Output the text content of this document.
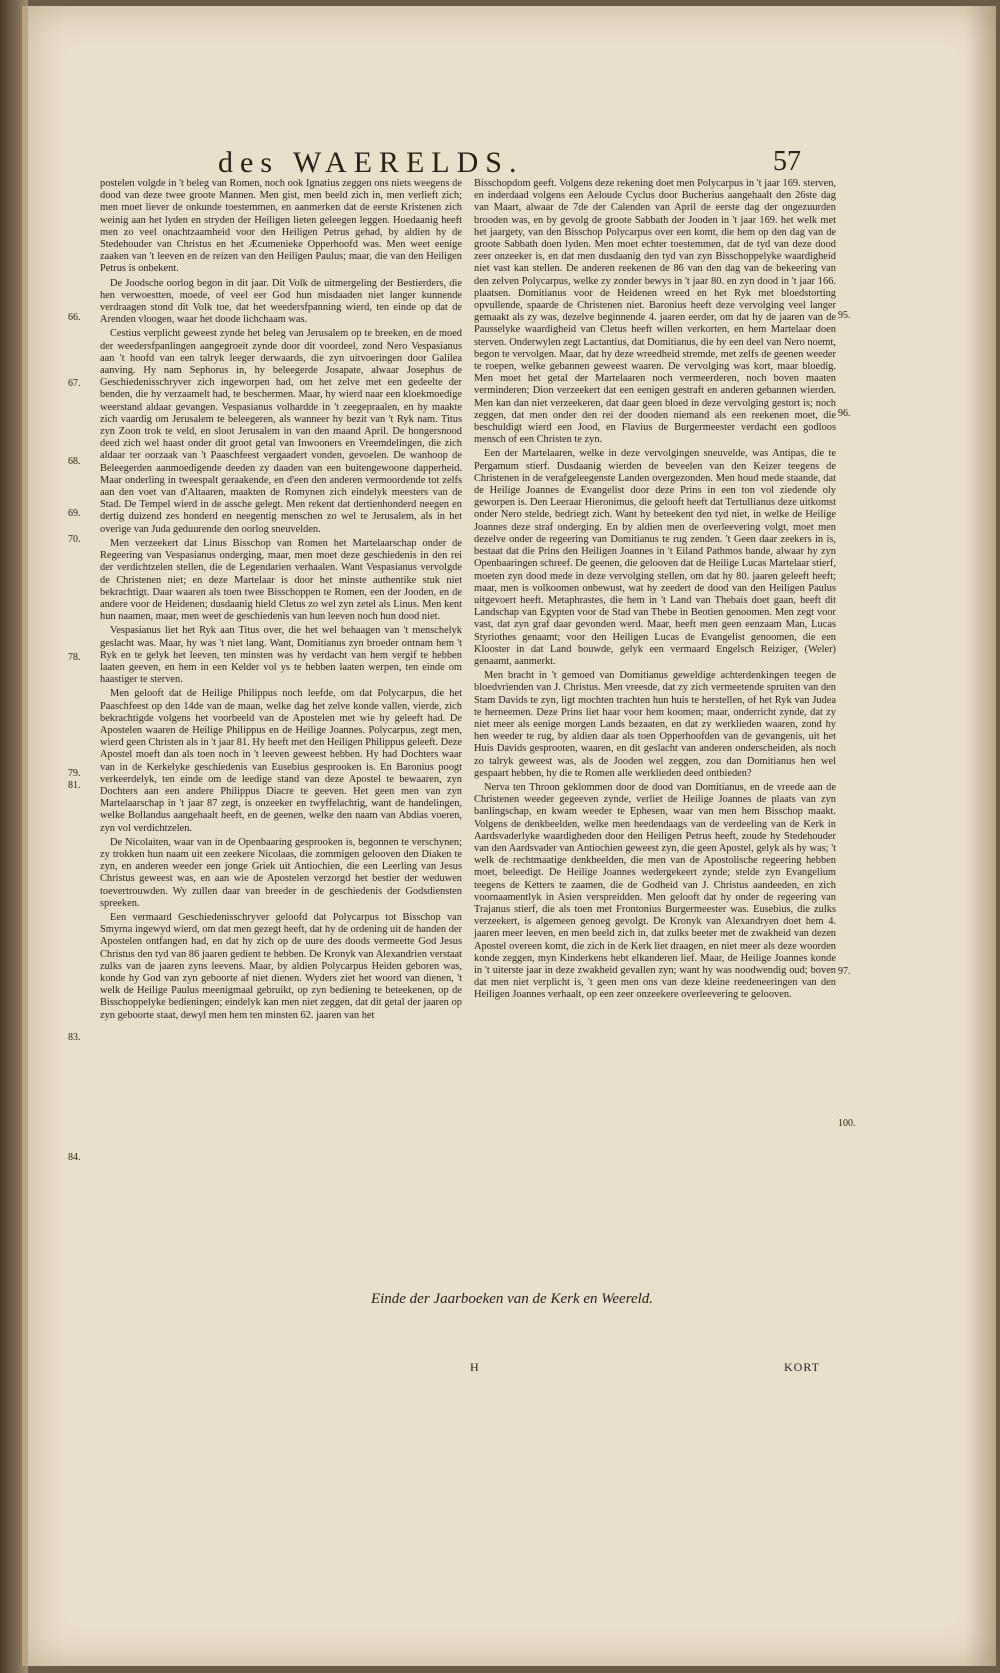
des WAERELDS.	57
66.
67.
68.
69.
70.
78.
79.
81.
83.
84.
95.
96.
97.
100.

postelen volgde in 't beleg van Romen, noch ook Ignatius zeggen ons niets weegens de dood van deze twee groote Mannen. Men gist, men beeld zich in, men verlieft zich; men moet liever de onkunde toestemmen, en aanmerken dat de eerste Kristenen zich weinig aan het lyden en stryden der Heiligen lieten geleegen leggen. Hoedaanig heeft men zo veel onachtzaamheid voor den Heiligen Petrus gehad, by aldien hy de Stedehouder van Christus en het Æcumenieke Opperhoofd was. Men weet eenige zaaken van 't leeven en de reizen van den Heiligen Paulus; maar, die van den Heiligen Petrus is onbekent.

De Joodsche oorlog begon in dit jaar. Dit Volk de uitmergeling der Bestierders, die hen verwoestten, moede, of veel eer God hun misdaaden niet langer kunnende verdraagen stond dit Volk toe, dat het weedersfpanning wierd, ten einde op dat de Arenden vloogen, waar het doode lichchaam was.

Cestius verplicht geweest zynde het beleg van Jerusalem op te breeken, en de moed der weedersfpanlingen aangegroeit zynde door dit voordeel, zond Nero Vespasianus aan 't hoofd van een talryk leeger derwaards, die zyn uitvoeringen door Galilea aanving. Hy nam Sephorus in, hy beleegerde Josapate, alwaar Josephus de Geschiedenisschryver zich ingeworpen had, om het zelve met een gedeelte der benden, die hy verzaamelt had, te beschermen. Maar, hy wierd naar een kloekmoedige weerstand aldaar gevangen. Vespasianus volhardde in 't zeegepraalen, en hy maakte zich vaardig om Jerusalem te beleegeren, als wanneer hy bezit van 't Ryk nam. Titus zyn Zoon trok te veld, en sloot Jerusalem in van den maand April. De hongersnood deed zich wel haast onder dit groot getal van Inwooners en Vreemdelingen, die zich aldaar ter oorzaak van 't Paaschfeest vergaadert vonden, gevoelen. De wanhoop de Beleegerden aanmoedigende deeden zy daaden van een buitengewoone dapperheid. Maar onderling in tweespalt geraakende, en d'een den anderen vermoordende tot zelfs aan den voet van d'Altaaren, maakten de Romynen zich eindelyk meesters van de Stad. De Tempel wierd in de assche gelegt. Men rekent dat dertienhonderd neegen en dertig duizend zes honderd en neegentig menschen zo wel te Jerusalem, als in het overige van Juda geduurende den oorlog sneuvelden.

Men verzeekert dat Linus Bisschop van Romen het Martelaarschap onder de Regeering van Vespasianus onderging, maar, men moet deze geschiedenis in den rei der verdichtzelen stellen, die de Legendarien verhaalen. Want Vespasianus vervolgde de Christenen niet; en deze Martelaar is door het minste authentike stuk niet bekrachtigt. Daar waaren als toen twee Bisschoppen te Romen, een der Jooden, en de andere voor de Heidenen; dusdaanig hield Cletus zo wel zyn zetel als Linus. Men kent hun naamen, maar, men weet de geschiedenis van hun leeven noch hun dood niet.

Vespasianus liet het Ryk aan Titus over, die het wel behaagen van 't menschelyk geslacht was. Maar, hy was 't niet lang. Want, Domitianus zyn broeder ontnam hem 't Ryk en te gelyk het leeven, ten minsten was hy verdacht van hem vergif te hebben laaten geeven, en hem in een Kelder vol ys te hebben laaten werpen, ten einde om haastiger te sterven.

Men gelooft dat de Heilige Philippus noch leefde, om dat Polycarpus, die het Paaschfeest op den 14de van de maan, welke dag het zelve konde vallen, vierde, zich bekrachtigde volgens het voorbeeld van de Apostelen met wie hy geleeft had. De Apostelen waaren de Heilige Philippus en de Heilige Joannes. Polycarpus, zegt men, wierd geen Christen als in 't jaar 81. Hy heeft met den Heiligen Philippus geleeft. Deze Apostel moeft dan als toen noch in 't leeven geweest hebben. Hy had Dochters waar van in de Kerkelyke geschiedenis van Eusebius gesprooken is. En Baronius poogt verkeerdelyk, ten einde om de leedige stand van deze Apostel te bewaaren, zyn Dochters aan een andere Philippus Diacre te geeven. Het geen men van zyn Martelaarschap in 't jaar 87 zegt, is onzeeker en twyffelachtig, want de handelingen, welke Bollandus aangehaalt heeft, en de geenen, welke den naam van Abdias voeren, zyn vol verdichtzelen.

De Nicolaiten, waar van in de Openbaaring gesprooken is, begonnen te verschynen; zy trokken hun naam uit een zeekere Nicolaas, die zommigen gelooven den Diaken te zyn, en anderen weeder een jonge Griek uit Antiochien, die een Leerling van Jesus Christus geweest was, en aan wie de Apostelen verzorgd het bestier der weduwen toevertrouwden. Wy zullen daar van breeder in de geschiedenis der Godsdiensten spreeken.

Een vermaard Geschiedenisschryver geloofd dat Polycarpus tot Bisschop van Smyrna ingewyd wierd, om dat men gezegt heeft, dat hy de ordening uit de handen der Apostelen ontfangen had, en dat hy zich op de uure des doods vermeette God Jesus Christus den tyd van 86 jaaren gedient te hebben. De Kronyk van Alexandrien verstaat zulks van de jaaren zyns leevens. Maar, by aldien Polycarpus Heiden geboren was, konde hy God van zyn geboorte af niet dienen. Wyders ziet het woord van dienen, 't welk de Heilige Paulus meenigmaal gebruikt, op zyn bediening te beteekenen, op de Bisschoppelyke bedieningen; eindelyk kan men niet zeggen, dat dit getal der jaaren op zyn geboorte staat, dewyl men hem ten minsten 62. jaaren van het

Bisschopdom geeft. Volgens deze rekening doet men Polycarpus in 't jaar 169. sterven, en inderdaad volgens een Aeloude Cyclus door Bucherius aangehaalt den 26ste dag van Maart, alwaar de 7de der Calenden van April de eerste dag der ongezuurden brooden was, en by gevolg de groote Sabbath der Jooden in 't jaar 169. het welk met het jaargety, van den Bisschop Polycarpus over een komt, die hem op den dag van de groote Sabbath doen lyden. Men moet echter toestemmen, dat de tyd van deze dood zeer onzeeker is, en dat men dusdaanig den tyd van zyn Bisschoppelyke waardigheid niet vast kan stellen. De anderen reekenen de 86 van den dag van de bekeering van den zelven Polycarpus, welke zy zonder bewys in 't jaar 80. en zyn dood in 't jaar 166. plaatsen. Domitianus voor de Heidenen wreed en het Ryk met bloedstorting opvullende, spaarde de Christenen niet. Baronius heeft deze vervolging veel langer gemaakt als zy was, dezelve beginnende 4. jaaren eerder, om dat hy de jaaren van de Pausselyke waardigheid van Cletus heeft willen verkorten, en hem Martelaar doen sterven. Onderwylen zegt Lactantius, dat Domitianus, die hy een deel van Nero noemt, begon te vervolgen. Maar, dat hy deze wreedheid stremde, met zelfs de geenen weeder te roepen, welke gebannen geweest waaren. De vervolging was kort, maar bloedig. Men moet het getal der Martelaaren noch vermeerderen, noch boven maaten verminderen; Dion verzeekert dat een eenigen gestraft en anderen gebannen wierden. Men kan dan niet verzeekeren, dat daar geen bloed in deze vervolging gestort is; noch zeggen, dat men onder den rei der dooden niemand als een reekenen moet, die beschuldigt wierd een Jood, en Flavius de Burgermeester verdacht een godloos mensch of een Christen te zyn.

Een der Martelaaren, welke in deze vervolgingen sneuvelde, was Antipas, die te Pergamum stierf. Dusdaanig wierden de beveelen van den Keizer teegens de Christenen in de verafgeleegenste Landen overgezonden. Men houd mede staande, dat de Heilige Joannes de Evangelist door deze Prins in een ton vol ziedende oly geworpen is. Den Leeraar Hieronimus, die gelooft heeft dat Tertullianus deze uitkomst onder Nero stelde, bedriegt zich. Want hy beteekent den tyd niet, in welke de Heilige Joannes deze straf onderging. En by aldien men de overleevering volgt, moet men dezelve onder de regeering van Domitianus te rug zenden. 't Geen daar zeekers in is, bestaat dat die Prins den Heiligen Joannes in 't Eiland Pathmos bande, alwaar hy zyn Openbaaringen schreef. De geenen, die gelooven dat de Heilige Lucas Martelaar stierf, moeten zyn dood mede in deze vervolging stellen, om dat hy 80. jaaren geleeft heeft; maar, men is volkoomen onbewust, wat hy zeedert de dood van den Heiligen Paulus uitgevoert heeft. Metaphrastes, die hem in 't Land van Thebais doet gaan, heeft dit Landschap van Egypten voor de Stad van Thebe in Beotien genoomen. Men zegt voor vast, dat zyn graf daar gevonden werd. Maar, heeft men geen eenzaam Man, Lucas Styriothes genaamt; voor den Heiligen Lucas de Evangelist genoomen, die een Klooster in dat Land bouwde, gelyk een vermaard Engelsch Reiziger, (Weler) genaamt, aanmerkt.

Men bracht in 't gemoed van Domitianus geweldige achterdenkingen teegen de bloedvrienden van J. Christus. Men vreesde, dat zy zich vermeetende spruiten van den Stam Davids te zyn, ligt mochten trachten hun huis te herstellen, of het Ryk van Judea te herneemen. Deze Prins liet haar voor hem koomen; maar, onderricht zynde, dat zy niet meer als eenige morgen Lands bezaaten, en dat zy werklieden waaren, zond hy hen weeder te rug, by aldien daar als toen Opperhoofden van de gevangenis, uit het Huis Davids gesprooten, waaren, en dit geslacht van anderen onderscheiden, als noch zo talryk geweest was, als de Jooden wel zeggen, zou dan Domitianus hen wel gespaart hebben, hy die te Romen alle werklieden deed ontbieden?

Nerva ten Throon geklommen door de dood van Domitianus, en de vreede aan de Christenen weeder gegeeven zynde, verliet de Heilige Joannes de plaats van zyn banlingschap, en kwam weeder te Ephesen, waar van men hem Bisschop maakt. Volgens de denkbeelden, welke men heedendaags van de verdeeling van de Kerk in Aardsvaderlyke waardigheden door den Heiligen Petrus heeft, zoude hy Stedehouder van den Aardsvader van Antiochien geweest zyn, die geen Apostel, gelyk als hy was; 't welk de rechtmaatige denkbeelden, die men van de Apostolische regeering hebben moet, beleedigt. De Heilige Joannes wedergekeert zynde; stelde zyn Evangelium teegens de Ketters te zaamen, die de Godheid van J. Christus aandeeden, en zich voornaamentlyk in Asien verspreidden. Men gelooft dat hy onder de regeering van Trajanus stierf, die als toen met Frontonius Burgermeester was. Eusebius, die zulks verzeekert, is algemeen genoeg gevolgt. De Kronyk van Alexandryen doet hem 4. jaaren meer leeven, en men beeld zich in, dat zulks beeter met de zwakheid van dezen Apostel overeen komt, die zich in de Kerk liet draagen, en niet meer als deze woorden konde zeggen, myn Kinderkens hebt elkanderen lief. Maar, de Heilige Joannes konde in 't uiterste jaar in deze zwakheid gevallen zyn; want hy was noodwendig oud; boven dat men niet verplicht is, 't geen men ons van deze kleine reedeneeringen van den Heiligen Joannes verhaalt, op een zeer onzeekere overleevering te gelooven.

Einde der Jaarboeken van de Kerk en Weereld.
H	KORT
